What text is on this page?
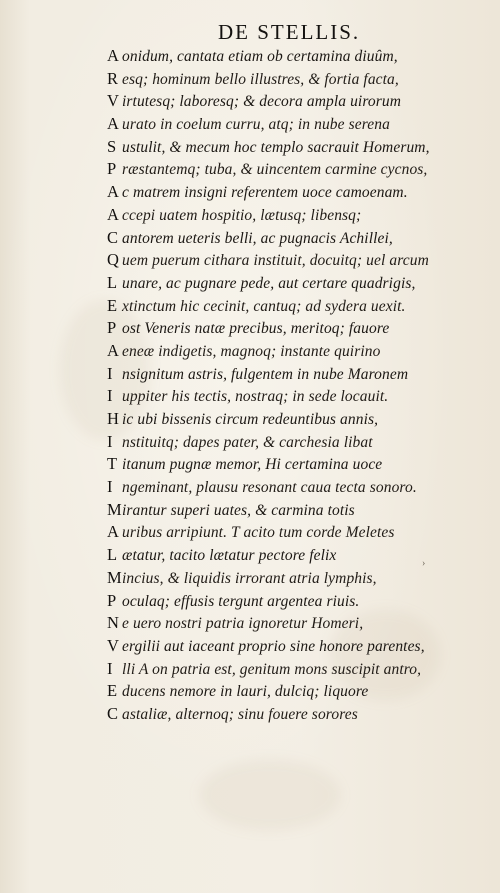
DE STELLIS.
A onidum, cantata etiam ob certamina diuûm,
R esq; hominum bello illustres, & fortia facta,
V irtutesq; laboresq; & decora ampla uirorum
A urato in coelum curru, atq; in nube serena
S ustulit, & mecum hoc templo sacrauit Homerum,
P ræstantemq; tuba, & uincentem carmine cycnos,
A c matrem insigni referentem uoce camoenam.
A ccepi uatem hospitio, lætusq; libensq;
C antorem ueteris belli, ac pugnacis Achillei,
Q uem puerum cithara instituit, docuitq; uel arcum
L unare, ac pugnare pede, aut certare quadrigis,
E xtinctum hic cecinit, cantuq; ad sydera uexit.
P ost Veneris natæ precibus, meritoq; fauore
A eneæ indigetis, magnoq; instante quirino
I nsignitum astris, fulgentem in nube Maronem
I uppiter his tectis, nostraq; in sede locauit.
H ic ubi bissenis circum redeuntibus annis,
I nstituitq; dapes pater, & carchesia libat
T itanum pugnæ memor, Hi certamina uoce
I ngeminant, plausu resonant caua tecta sonoro.
Mirantur superi uates, & carmina totis
A uribus arripiunt. T acito tum corde Meletes
L ætatur, tacito lætatur pectore felix
Mincius, & liquidis irrorant atria lymphis,
P oculaq; effusis tergunt argentea riuis.
N e uero nostri patria ignoretur Homeri,
V ergilii aut iaceant proprio sine honore parentes,
I lli A on patria est, genitum mons suscipit antro,
E ducens nemore in lauri, dulciq; liquore
C astaliæ, alternoq; sinu fouere sorores
›
